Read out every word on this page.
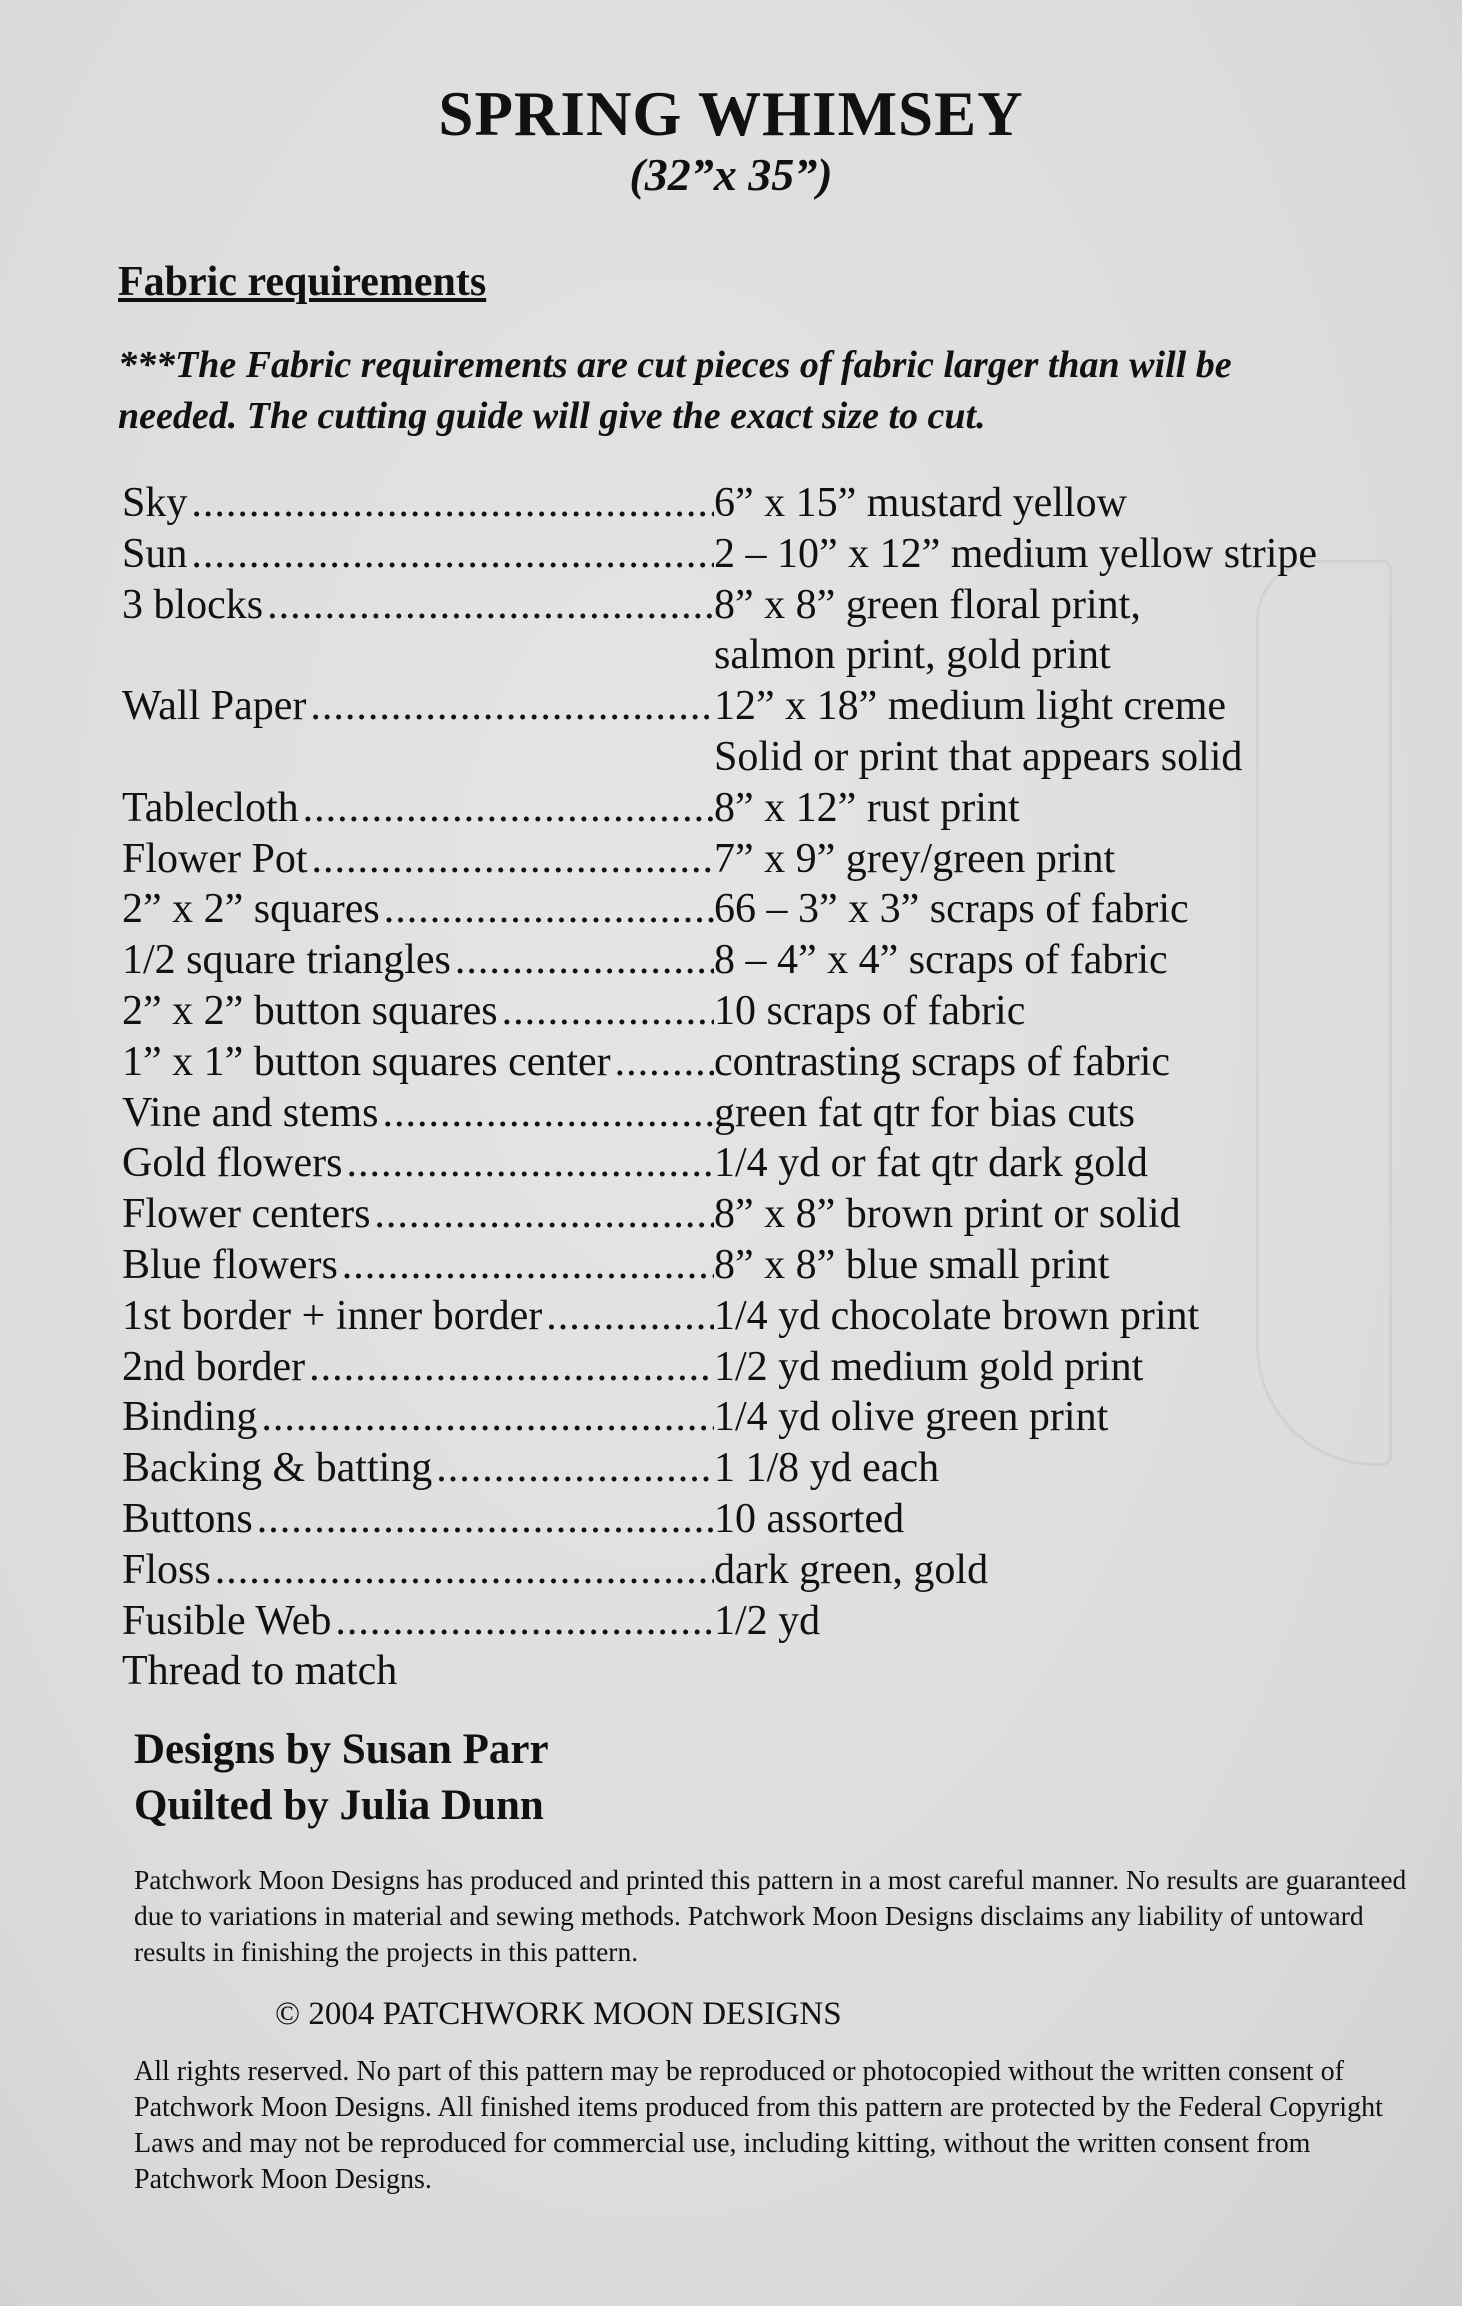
SPRING WHIMSEY
(32”x 35”)
Fabric requirements
***The Fabric requirements are cut pieces of fabric larger than will be needed. The cutting guide will give the exact size to cut.
Sky
.....	6” x 15” mustard yellow
Sun
.....	2 – 10” x 12” medium yellow stripe
3 blocks
.....	8” x 8” green floral print,
salmon print, gold print
Wall Paper
.....	12” x 18” medium light creme
Solid or print that appears solid
Tablecloth
.....	8” x 12” rust print
Flower Pot
.....	7” x 9” grey/green print
2” x 2” squares
.....	66 – 3” x 3” scraps of fabric
1/2 square triangles
.....	8 – 4” x 4” scraps of fabric
2” x 2” button squares
.....	10 scraps of fabric
1” x 1” button squares center
..... contrasting scraps of fabric
Vine and stems
.....	green fat qtr for bias cuts
Gold flowers
.....	1/4 yd or fat qtr dark gold
Flower centers
.....	8” x 8” brown print or solid
Blue flowers
.....	8” x 8” blue small print
1st border + inner border
.....	1/4 yd chocolate brown print
2nd border
.....	1/2 yd medium gold print
Binding
.....	1/4 yd olive green print
Backing & batting
.....	1 1/8 yd each
Buttons
.....	10 assorted
Floss
.....	dark green, gold
Fusible Web
.....	1/2 yd
Thread to match
Designs by Susan Parr
Quilted by Julia Dunn
Patchwork Moon Designs has produced and printed this pattern in a most careful manner. No results are guaranteed due to variations in material and sewing methods. Patchwork Moon Designs disclaims any liability of untoward results in finishing the projects in this pattern.
© 2004 PATCHWORK MOON DESIGNS
All rights reserved. No part of this pattern may be reproduced or photocopied without the written consent of Patchwork Moon Designs. All finished items produced from this pattern are protected by the Federal Copyright Laws and may not be reproduced for commercial use, including kitting, without the written consent from Patchwork Moon Designs.
